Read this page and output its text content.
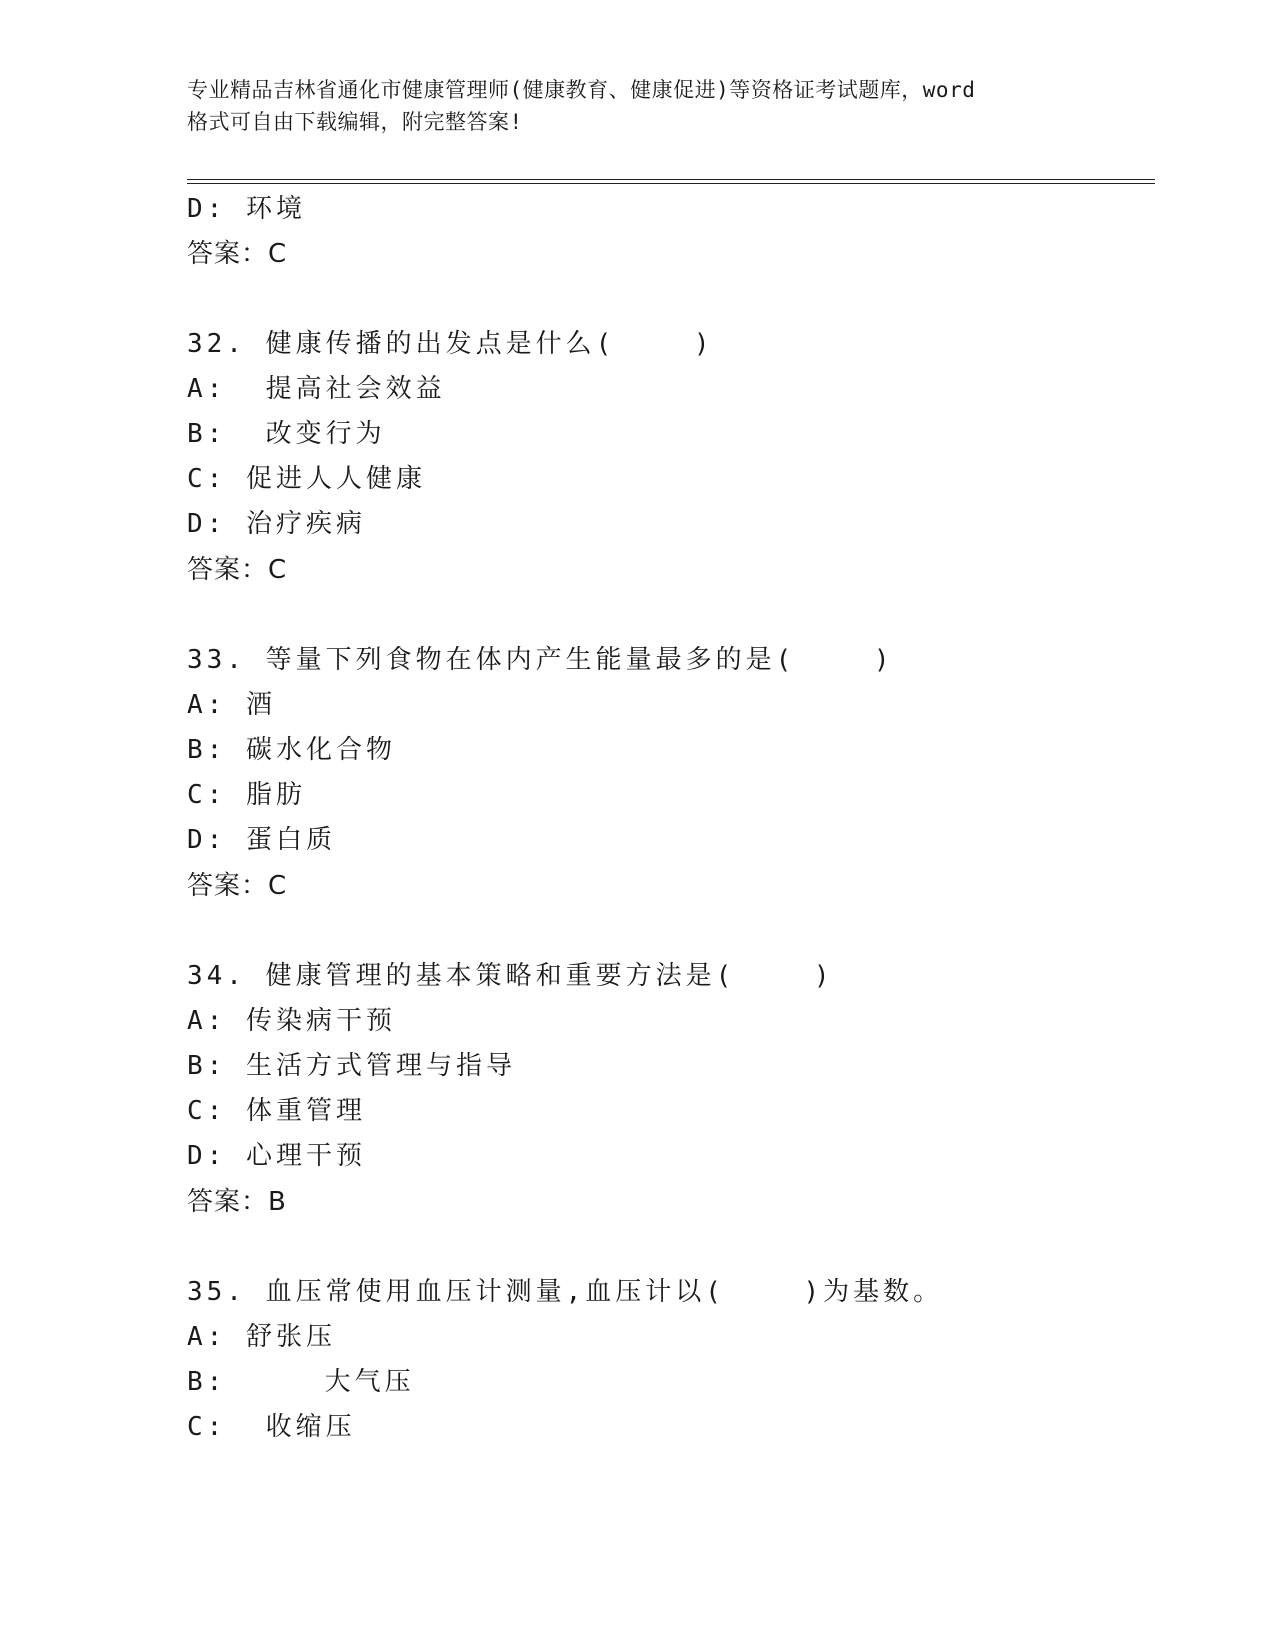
专业精品吉林省通化市健康管理师(健康教育、健康促进)等资格证考试题库，word
格式可自由下载编辑，附完整答案!
D: 环境
答案：C
32. 健康传播的出发点是什么(    )
A:  提高社会效益
B:  改变行为
C: 促进人人健康
D: 治疗疾病
答案：C
33. 等量下列食物在体内产生能量最多的是(    )
A: 酒
B: 碳水化合物
C: 脂肪
D: 蛋白质
答案：C
34. 健康管理的基本策略和重要方法是(    )
A: 传染病干预
B: 生活方式管理与指导
C: 体重管理
D: 心理干预
答案：B
35. 血压常使用血压计测量,血压计以(    )为基数。
A: 舒张压
B:     大气压
C:  收缩压
